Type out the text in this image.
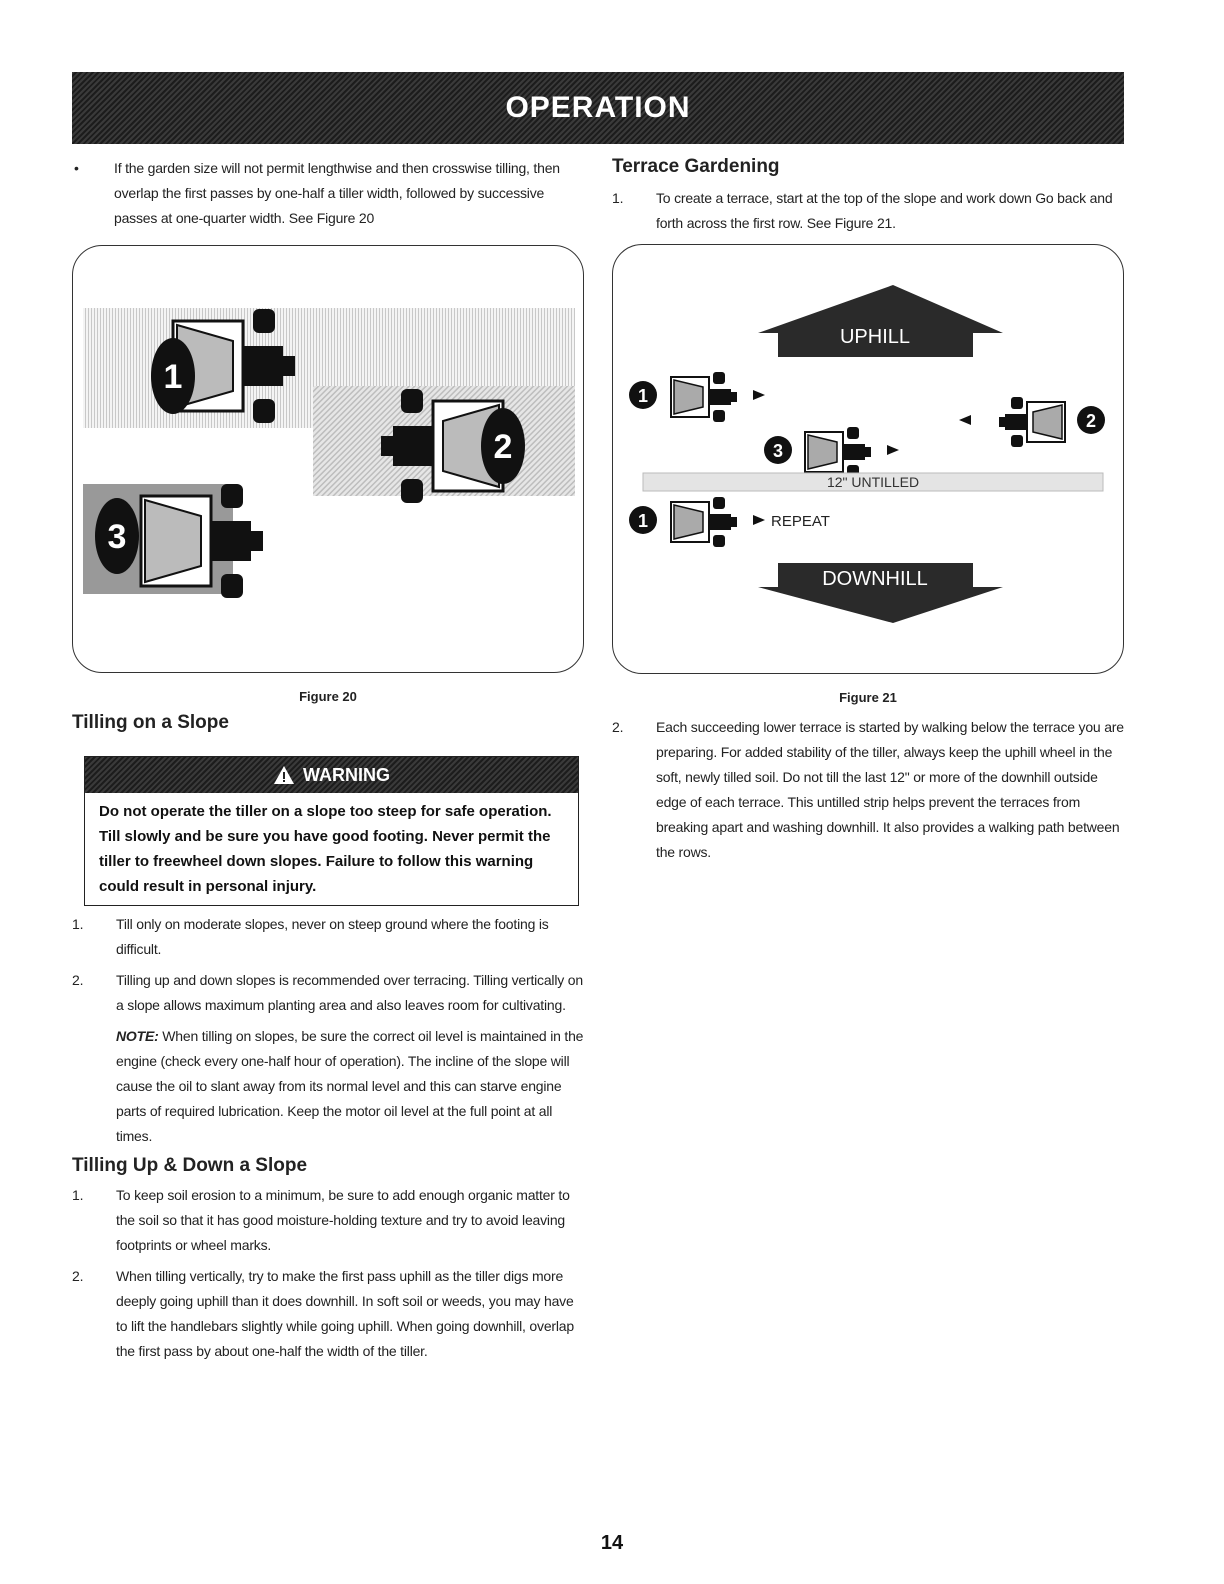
OPERATION
•	If the garden size will not permit lengthwise and then crosswise tilling, then overlap the first passes by one-half a tiller width, followed by successive passes at one-quarter width. See Figure 20
1
2
3
Figure 20
Tilling on a Slope
WARNING
Do not operate the tiller on a slope too steep for safe operation. Till slowly and be sure you have good footing. Never permit the tiller to freewheel down slopes. Failure to follow this warning could result in personal injury.
1.	Till only on moderate slopes, never on steep ground where the footing is difficult.
2.	Tilling up and down slopes is recommended over terracing. Tilling vertically on a slope allows maximum planting area and also leaves room for cultivating.
NOTE: When tilling on slopes, be sure the correct oil level is maintained in the engine (check every one-half hour of operation). The incline of the slope will cause the oil to slant away from its normal level and this can starve engine parts of required lubrication. Keep the motor oil level at the full point at all times.
Tilling Up & Down a Slope
1.	To keep soil erosion to a minimum, be sure to add enough organic matter to the soil so that it has good moisture-holding texture and try to avoid leaving footprints or wheel marks.
2.	When tilling vertically, try to make the first pass uphill as the tiller digs more deeply going uphill than it does downhill. In soft soil or weeds, you may have to lift the handlebars slightly while going uphill. When going downhill, overlap the first pass by about one-half the width of the tiller.
Terrace Gardening
1.	To create a terrace, start at the top of the slope and work down Go back and forth across the first row. See Figure 21.
UPHILL
1
2
3
12" UNTILLED
1	REPEAT
DOWNHILL
Figure 21
2.	Each succeeding lower terrace is started by walking below the terrace you are preparing. For added stability of the tiller, always keep the uphill wheel in the soft, newly tilled soil. Do not till the last 12" or more of the downhill outside edge of each terrace. This untilled strip helps prevent the terraces from breaking apart and washing downhill. It also provides a walking path between the rows.
14
